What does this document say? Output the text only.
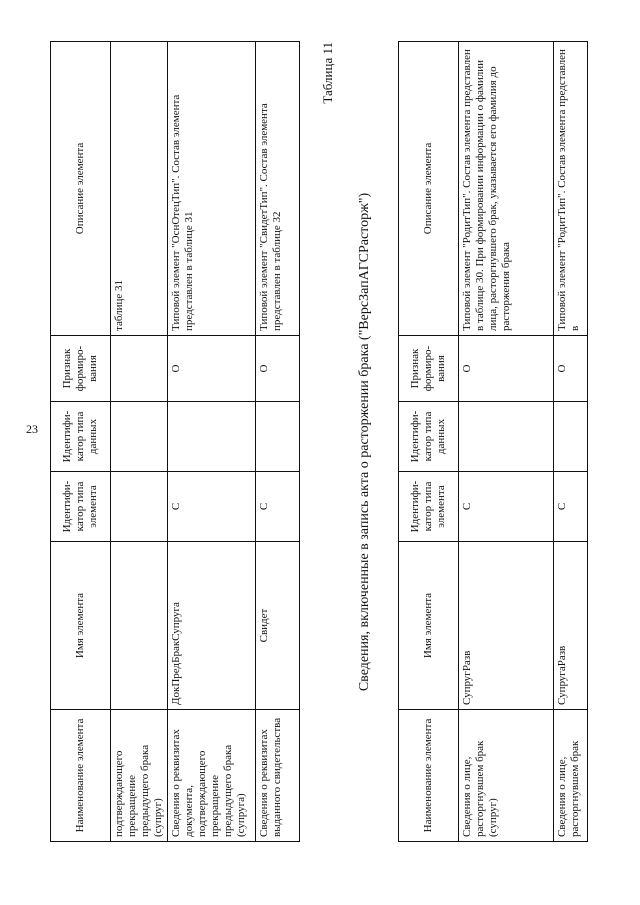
23
Наименование элемента	Имя элемента	Идентифи-катор типа элемента	Идентифи-катор типа данных	Признак формиро-вания	Описание элемента
подтверждающего прекращение предыдущего брака (супруг)					таблице 31
Сведения о реквизитах документа, подтверждающего прекращение предыдущего брака (супруга)	ДокПредБракСупруга	С		О	Типовой элемент "ОснОтецТип". Состав элемента представлен в таблице 31
Сведения о реквизитах выданного свидетельства	Свидет	С		О	Типовой элемент "СвидетТип". Состав элемента представлен в таблице 32
Таблица 11
Сведения, включенные в запись акта о расторжении брака ("ВерсЗапАГСРасторж")
Наименование элемента	Имя элемента	Идентифи-катор типа элемента	Идентифи-катор типа данных	Признак формиро-вания	Описание элемента
Сведения о лице, расторгнувшем брак (супруг)	СупругРазв	С		О	Типовой элемент "РодитТип". Состав элемента представлен в таблице 30. При формировании информации о фамилии лица, расторгнувшего брак, указывается его фамилия до расторжения брака
Сведения о лице, расторгнувшем брак	СупругаРазв	С		О	Типовой элемент "РодитТип". Состав элемента представлен в
